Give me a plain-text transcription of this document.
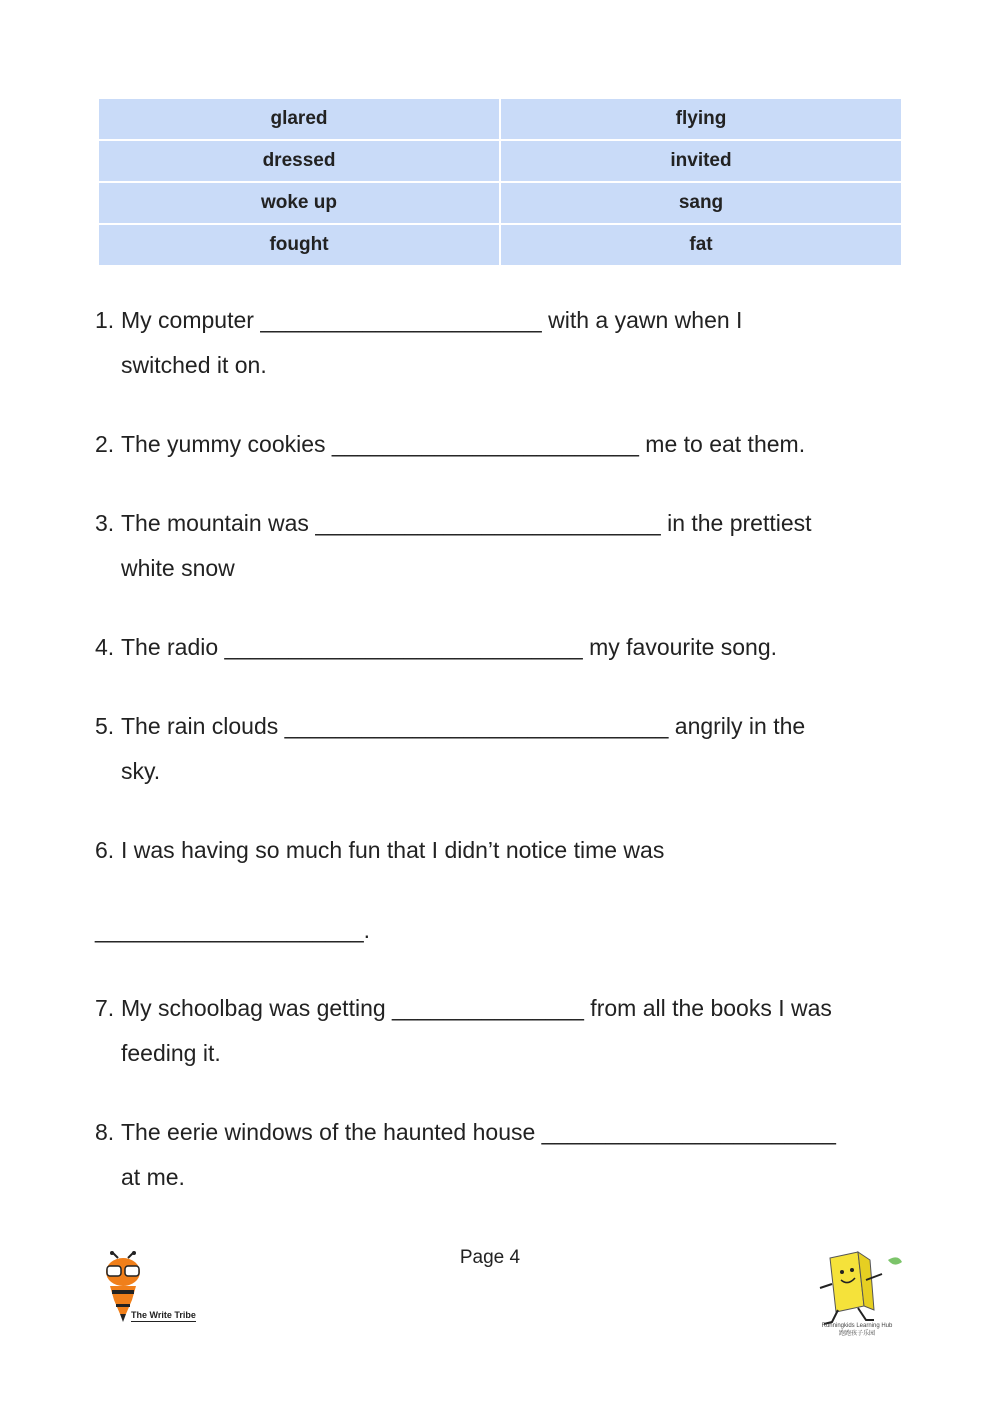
glared	flying
dressed	invited
woke up	sang
fought	fat
1. My computer ______________________ with a yawn when I
switched it on.
2. The yummy cookies ________________________ me to eat them.
3. The mountain was ___________________________ in the prettiest
white snow
4. The radio ____________________________ my favourite song.
5. The rain clouds ______________________________ angrily in the
sky.
6. I was having so much fun that I didn’t notice time was
_____________________.
7. My schoolbag was getting _______________ from all the books I was
feeding it.
8. The eerie windows of the haunted house _______________________
at me.
Page 4
The Write Tribe
Runningkids Learning Hub
跑跑孩子乐园
